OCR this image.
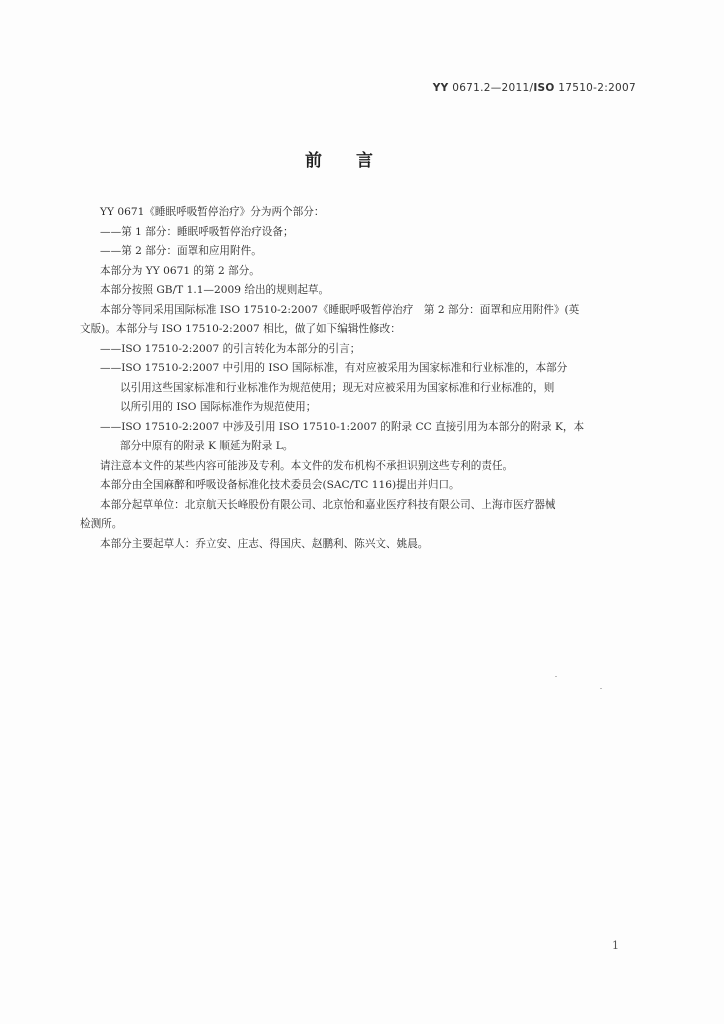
YY 0671.2—2011/ISO 17510-2:2007
前言

YY 0671《睡眠呼吸暂停治疗》分为两个部分：

——第 1 部分：睡眠呼吸暂停治疗设备；

——第 2 部分：面罩和应用附件。

本部分为 YY 0671 的第 2 部分。

本部分按照 GB/T 1.1—2009 给出的规则起草。

本部分等同采用国际标准 ISO 17510-2:2007《睡眠呼吸暂停治疗　第 2 部分：面罩和应用附件》(英

文版)。本部分与 ISO 17510-2:2007 相比，做了如下编辑性修改：

——ISO 17510-2:2007 的引言转化为本部分的引言；

——ISO 17510-2:2007 中引用的 ISO 国际标准，有对应被采用为国家标准和行业标准的，本部分

以引用这些国家标准和行业标准作为规范使用；现无对应被采用为国家标准和行业标准的，则

以所引用的 ISO 国际标准作为规范使用；

——ISO 17510-2:2007 中涉及引用 ISO 17510-1:2007 的附录 CC 直接引用为本部分的附录 K，本

部分中原有的附录 K 顺延为附录 L。

请注意本文件的某些内容可能涉及专利。本文件的发布机构不承担识别这些专利的责任。

本部分由全国麻醉和呼吸设备标准化技术委员会(SAC/TC 116)提出并归口。

本部分起草单位：北京航天长峰股份有限公司、北京怡和嘉业医疗科技有限公司、上海市医疗器械

检测所。

本部分主要起草人：乔立安、庄志、得国庆、赵鹏利、陈兴文、姚晨。

1
